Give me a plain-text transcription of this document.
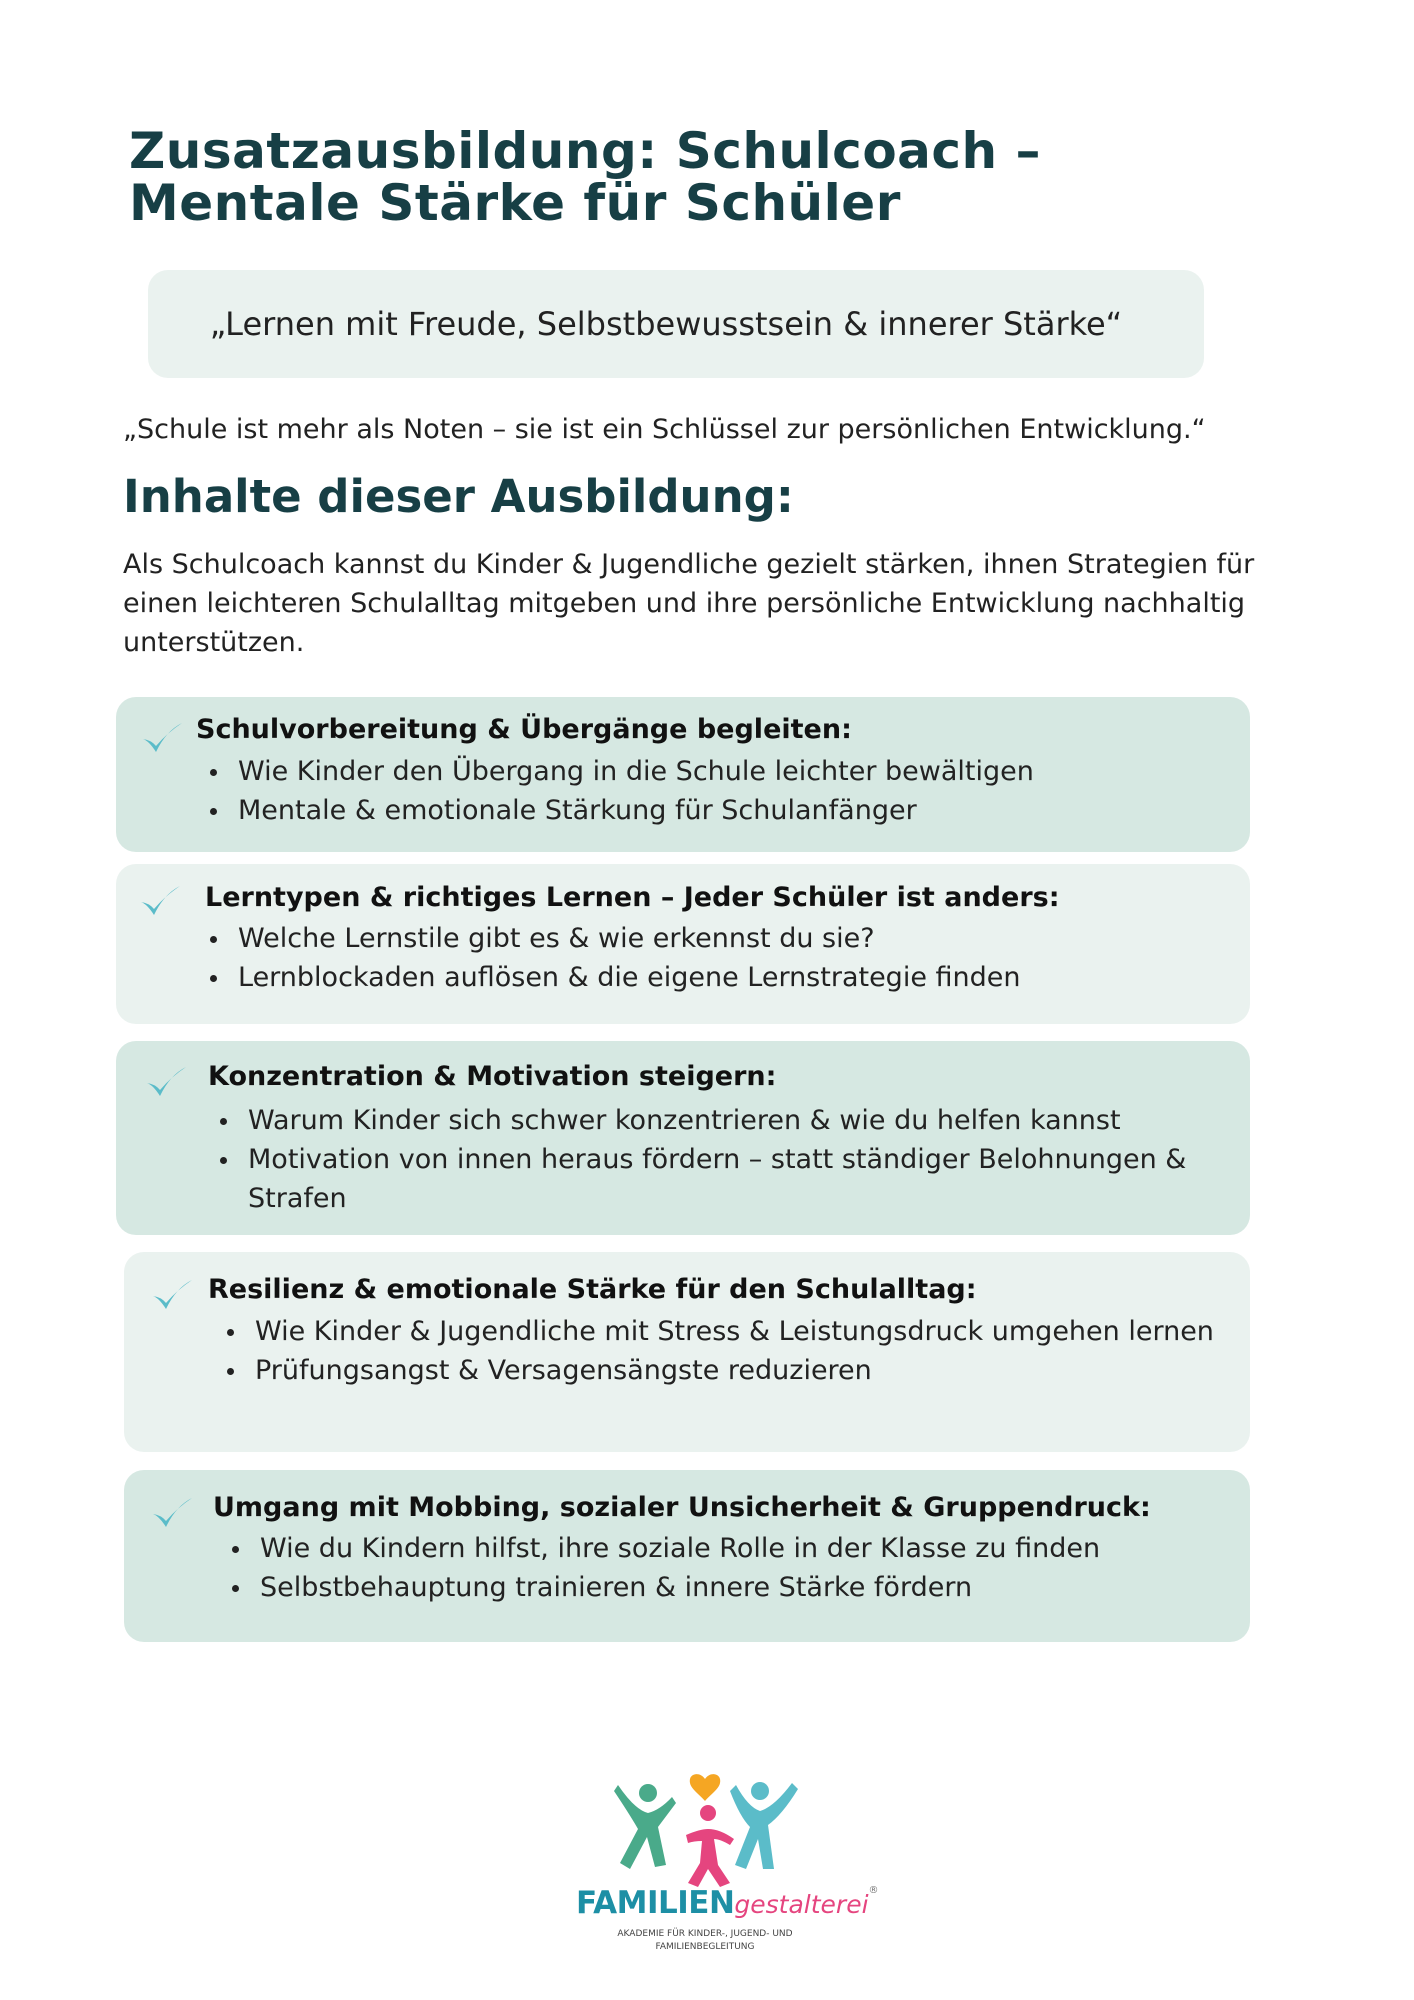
Zusatzausbildung: Schulcoach – Mentale Stärke für Schüler
„Lernen mit Freude, Selbstbewusstsein & innerer Stärke“
„Schule ist mehr als Noten – sie ist ein Schlüssel zur persönlichen Entwicklung.“
Inhalte dieser Ausbildung:

Als Schulcoach kannst du Kinder & Jugendliche gezielt stärken, ihnen Strategien für einen leichteren Schulalltag mitgeben und ihre persönliche Entwicklung nachhaltig unterstützen.

Schulvorbereitung & Übergänge begleiten:
Wie Kinder den Übergang in die Schule leichter bewältigen
Mentale & emotionale Stärkung für Schulanfänger
Lerntypen & richtiges Lernen – Jeder Schüler ist anders:
Welche Lernstile gibt es & wie erkennst du sie?
Lernblockaden auflösen & die eigene Lernstrategie finden
Konzentration & Motivation steigern:
Warum Kinder sich schwer konzentrieren & wie du helfen kannst
Motivation von innen heraus fördern – statt ständiger Belohnungen & Strafen
Resilienz & emotionale Stärke für den Schulalltag:
Wie Kinder & Jugendliche mit Stress & Leistungsdruck umgehen lernen
Prüfungsangst & Versagensängste reduzieren
Umgang mit Mobbing, sozialer Unsicherheit & Gruppendruck:
Wie du Kindern hilfst, ihre soziale Rolle in der Klasse zu finden
Selbstbehauptung trainieren & innere Stärke fördern
FAMILIENgestalterei®
AKADEMIE FÜR KINDER-, JUGEND- UND
FAMILIENBEGLEITUNG
